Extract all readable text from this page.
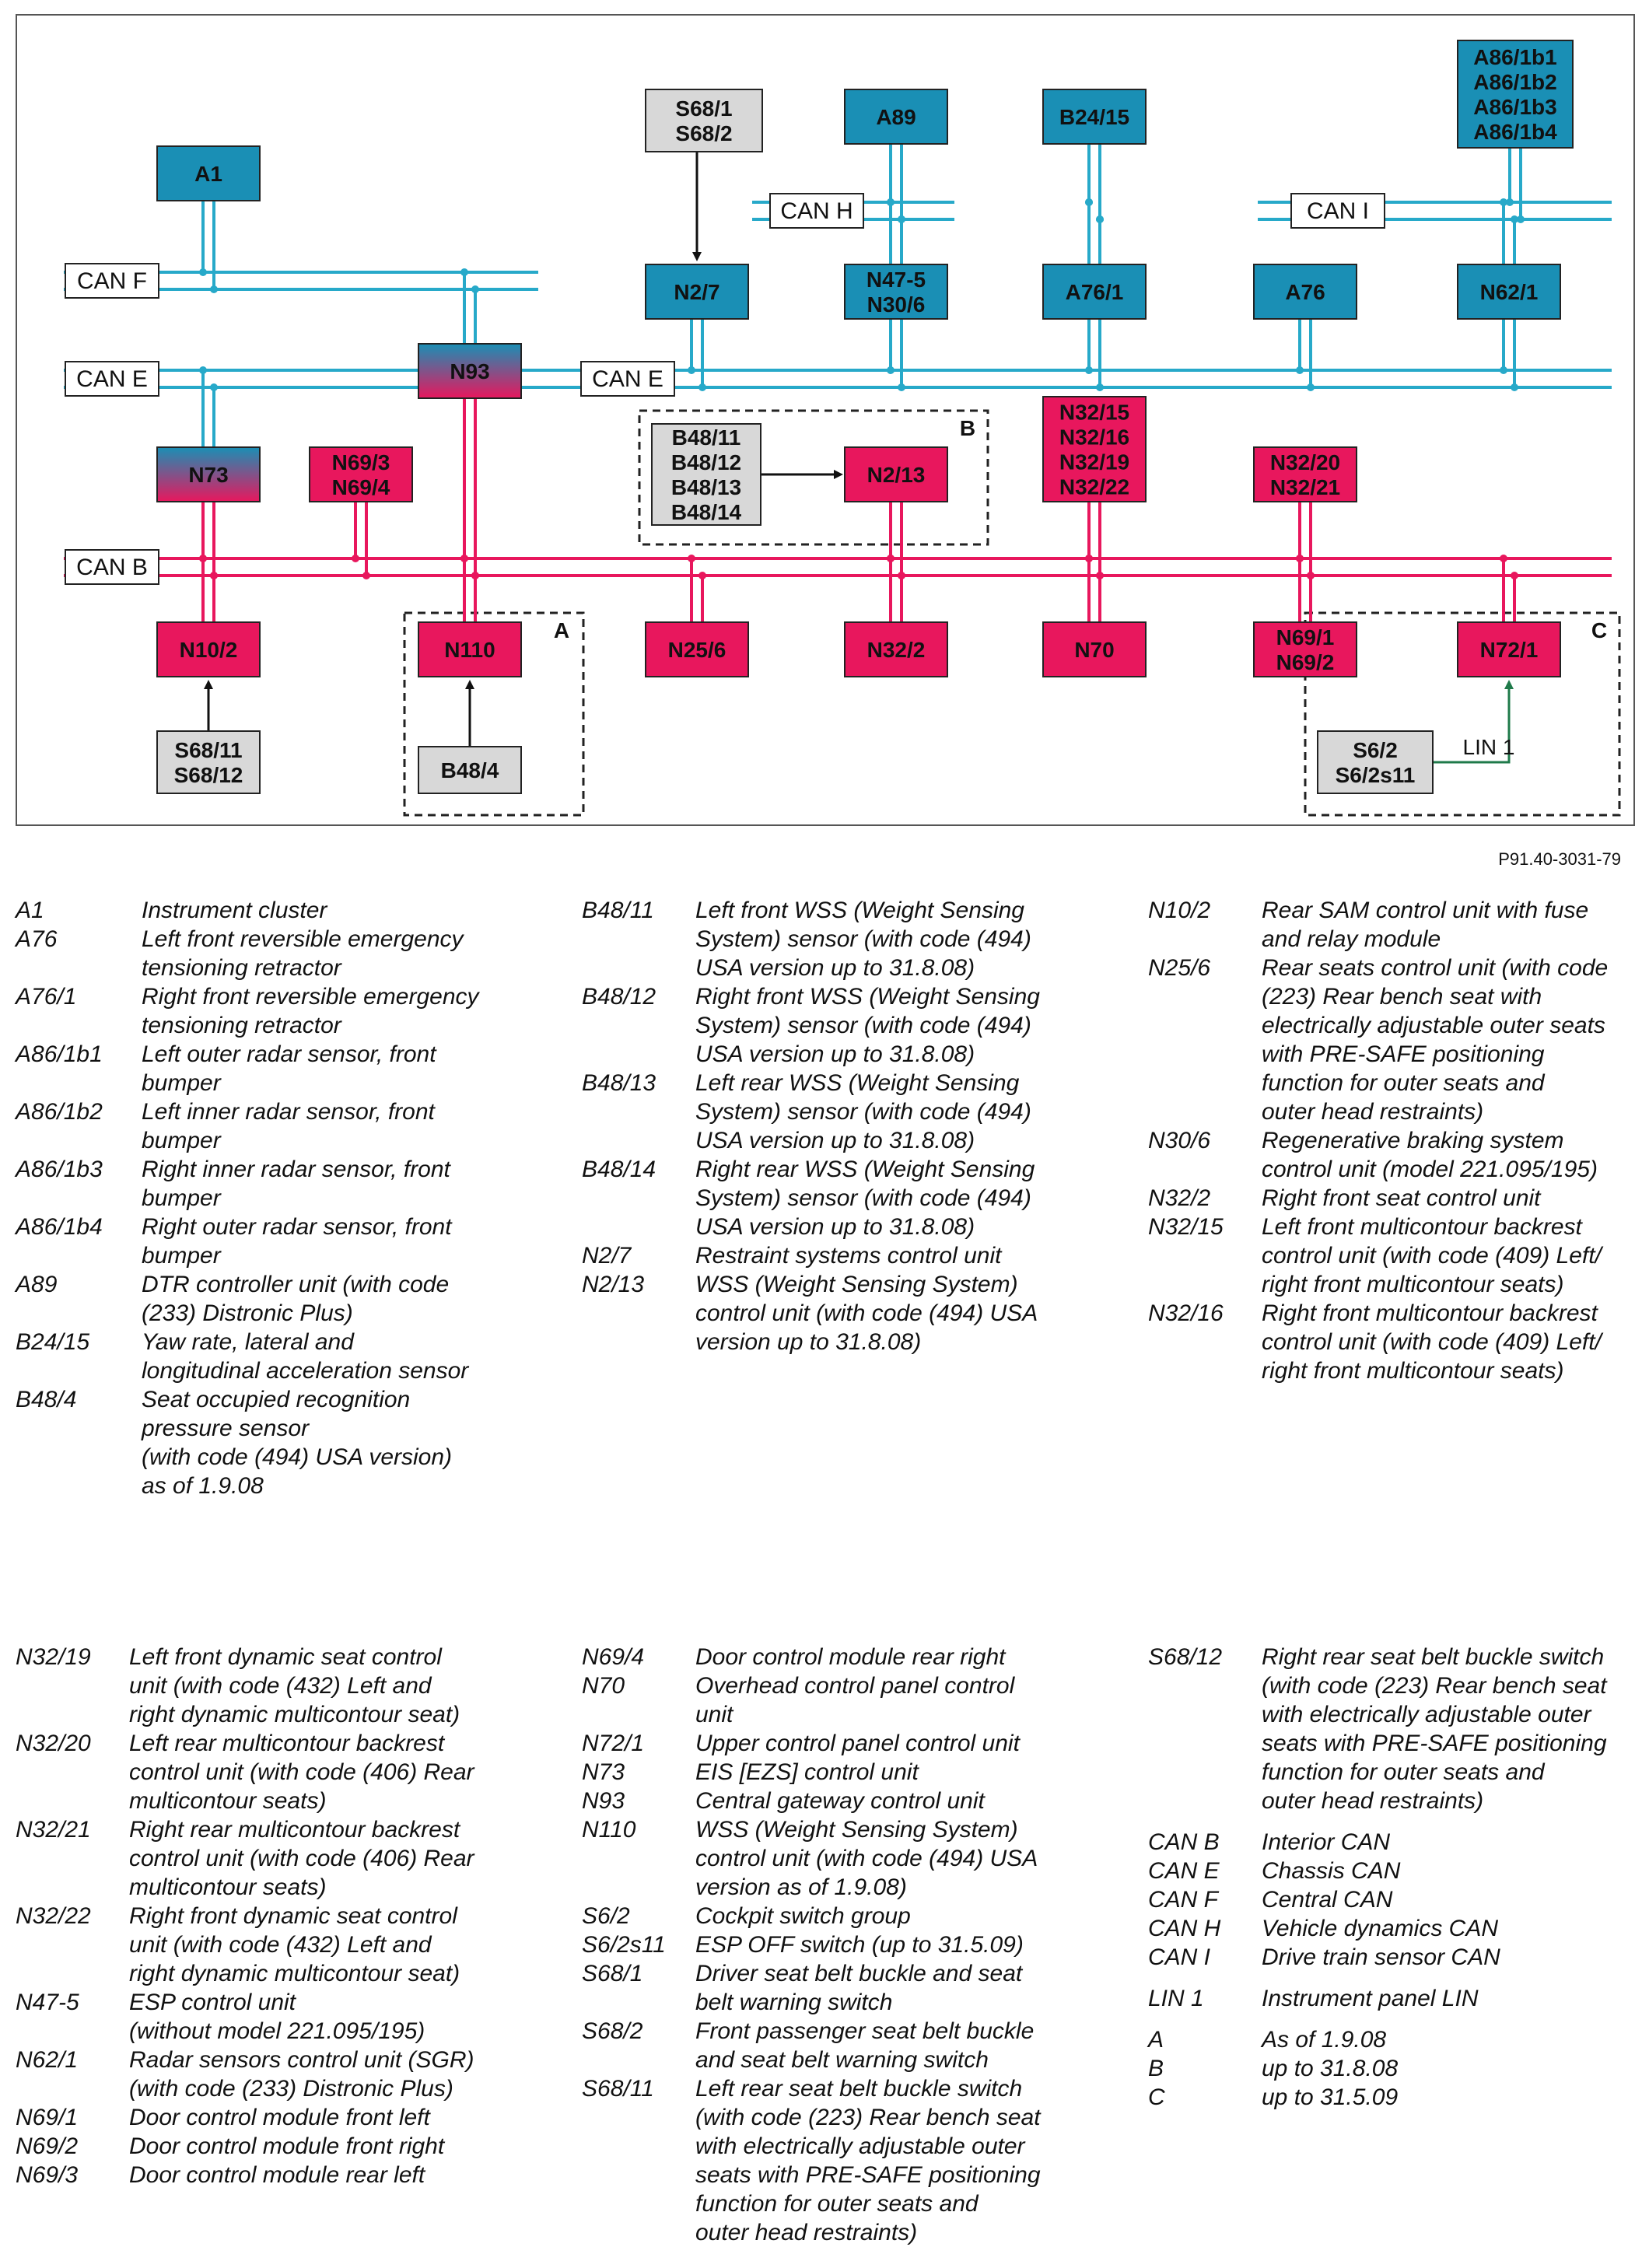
A1
S68/1
S68/2
A89	B24/15
A86/1b1
A86/1b2
A86/1b3
A86/1b4
N2/7
N47-5
N30/6
A76/1	A76	N62/1
N93
N73
N69/3
N69/4
B48/11
B48/12
B48/13
B48/14
N2/13
N32/15
N32/16
N32/19
N32/22
N32/20
N32/21
N10/2	N110	N25/6	N32/2	N70
N69/1
N69/2
N72/1
S68/11
S68/12	B48/4
S6/2
S6/2s11
A
B
C
CAN F
CAN E	CAN E
CAN B
CAN H	CAN I
LIN 1
P91.40-3031-79
A1	Instrument cluster
A76	Left front reversible emergency
tensioning retractor
A76/1	Right front reversible emergency
tensioning retractor
A86/1b1	Left outer radar sensor, front
bumper
A86/1b2	Left inner radar sensor, front
bumper
A86/1b3	Right inner radar sensor, front
bumper
A86/1b4	Right outer radar sensor, front
bumper
A89	DTR controller unit (with code
(233) Distronic Plus)
B24/15	Yaw rate, lateral and
longitudinal acceleration sensor
B48/4	Seat occupied recognition
pressure sensor
(with code (494) USA version)
as of 1.9.08
B48/11	Left front WSS (Weight Sensing
System) sensor (with code (494)
USA version up to 31.8.08)
B48/12	Right front WSS (Weight Sensing
System) sensor (with code (494)
USA version up to 31.8.08)
B48/13	Left rear WSS (Weight Sensing
System) sensor (with code (494)
USA version up to 31.8.08)
B48/14	Right rear WSS (Weight Sensing
System) sensor (with code (494)
USA version up to 31.8.08)
N2/7	Restraint systems control unit
N2/13	WSS (Weight Sensing System)
control unit (with code (494) USA
version up to 31.8.08)
N10/2	Rear SAM control unit with fuse
and relay module
N25/6	Rear seats control unit (with code
(223) Rear bench seat with
electrically adjustable outer seats
with PRE-SAFE positioning
function for outer seats and
outer head restraints)
N30/6	Regenerative braking system
control unit (model 221.095/195)
N32/2	Right front seat control unit
N32/15	Left front multicontour backrest
control unit (with code (409) Left/
right front multicontour seats)
N32/16	Right front multicontour backrest
control unit (with code (409) Left/
right front multicontour seats)
N32/19	Left front dynamic seat control
unit (with code (432) Left and
right dynamic multicontour seat)
N32/20	Left rear multicontour backrest
control unit (with code (406) Rear
multicontour seats)
N32/21	Right rear multicontour backrest
control unit (with code (406) Rear
multicontour seats)
N32/22	Right front dynamic seat control
unit (with code (432) Left and
right dynamic multicontour seat)
N47-5	ESP control unit
(without model 221.095/195)
N62/1	Radar sensors control unit (SGR)
(with code (233) Distronic Plus)
N69/1	Door control module front left
N69/2	Door control module front right
N69/3	Door control module rear left
N69/4	Door control module rear right
N70	Overhead control panel control
unit
N72/1	Upper control panel control unit
N73	EIS [EZS] control unit
N93	Central gateway control unit
N110	WSS (Weight Sensing System)
control unit (with code (494) USA
version as of 1.9.08)
S6/2	Cockpit switch group
S6/2s11	ESP OFF switch (up to 31.5.09)
S68/1	Driver seat belt buckle and seat
belt warning switch
S68/2	Front passenger seat belt buckle
and seat belt warning switch
S68/11	Left rear seat belt buckle switch
(with code (223) Rear bench seat
with electrically adjustable outer
seats with PRE-SAFE positioning
function for outer seats and
outer head restraints)
S68/12	Right rear seat belt buckle switch
(with code (223) Rear bench seat
with electrically adjustable outer
seats with PRE-SAFE positioning
function for outer seats and
outer head restraints)

CAN B	Interior CAN
CAN E	Chassis CAN
CAN F	Central CAN
CAN H	Vehicle dynamics CAN
CAN I	Drive train sensor CAN

LIN 1	Instrument panel LIN

A	As of 1.9.08
B	up to 31.8.08
C	up to 31.5.09
